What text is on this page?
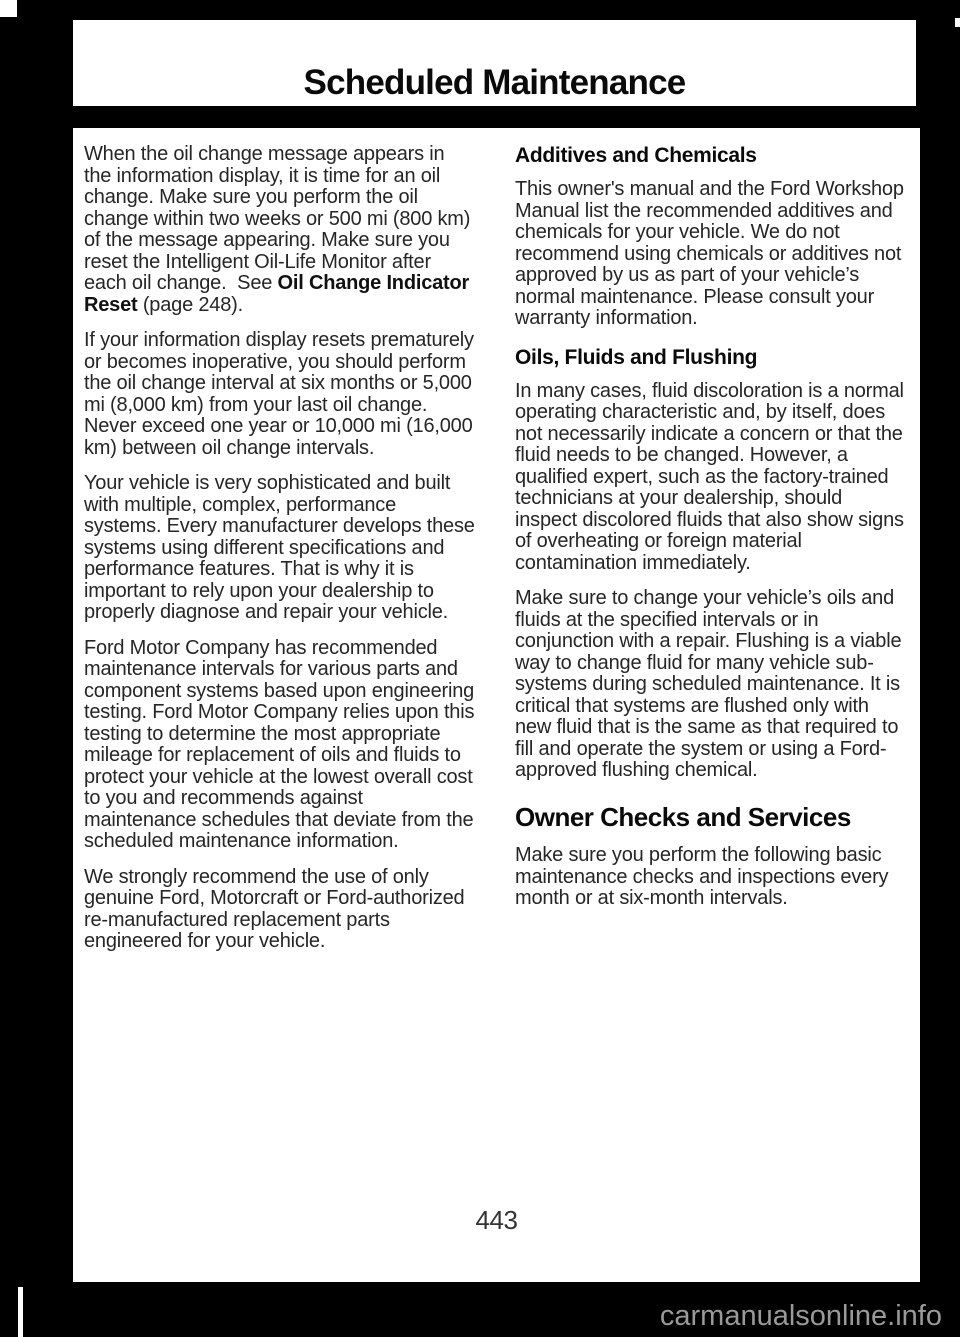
Scheduled Maintenance

When the oil change message appears in the information display, it is time for an oil change. Make sure you perform the oil change within two weeks or 500 mi (800 km) of the message appearing. Make sure you reset the Intelligent Oil-Life Monitor after each oil change.  See Oil Change Indicator Reset (page 248).

If your information display resets prematurely or becomes inoperative, you should perform the oil change interval at six months or 5,000 mi (8,000 km) from your last oil change. Never exceed one year or 10,000 mi (16,000 km) between oil change intervals.

Your vehicle is very sophisticated and built with multiple, complex, performance systems. Every manufacturer develops these systems using different specifications and performance features. That is why it is important to rely upon your dealership to properly diagnose and repair your vehicle.

Ford Motor Company has recommended maintenance intervals for various parts and component systems based upon engineering testing. Ford Motor Company relies upon this testing to determine the most appropriate mileage for replacement of oils and fluids to protect your vehicle at the lowest overall cost to you and recommends against maintenance schedules that deviate from the scheduled maintenance information.

We strongly recommend the use of only genuine Ford, Motorcraft or Ford-authorized re-manufactured replacement parts engineered for your vehicle.

Additives and Chemicals

This owner's manual and the Ford Workshop Manual list the recommended additives and chemicals for your vehicle. We do not recommend using chemicals or additives not approved by us as part of your vehicle’s normal maintenance. Please consult your warranty information.

Oils, Fluids and Flushing

In many cases, fluid discoloration is a normal operating characteristic and, by itself, does not necessarily indicate a concern or that the fluid needs to be changed. However, a qualified expert, such as the factory-trained technicians at your dealership, should inspect discolored fluids that also show signs of overheating or foreign material contamination immediately.

Make sure to change your vehicle’s oils and fluids at the specified intervals or in conjunction with a repair. Flushing is a viable way to change fluid for many vehicle sub-systems during scheduled maintenance. It is critical that systems are flushed only with new fluid that is the same as that required to fill and operate the system or using a Ford-approved flushing chemical.

Owner Checks and Services

Make sure you perform the following basic maintenance checks and inspections every month or at six-month intervals.

443
carmanualsonline.info
